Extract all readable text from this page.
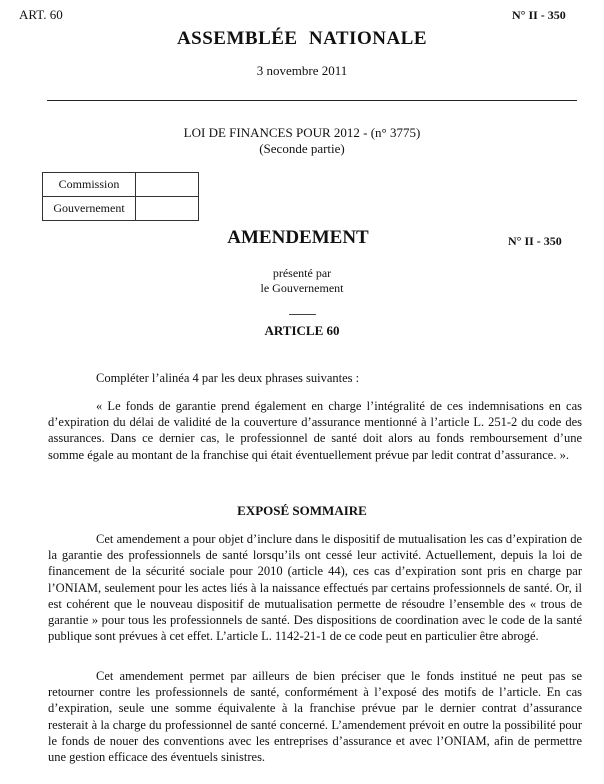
ART. 60	N° II - 350
ASSEMBLÉE NATIONALE
3 novembre 2011
LOI DE FINANCES POUR 2012 - (n° 3775)
(Seconde partie)
Commission	
Gouvernement	
AMENDEMENT	N° II - 350
présenté par
le Gouvernement
----------
ARTICLE 60

Compléter l’alinéa 4 par les deux phrases suivantes :

« Le fonds de garantie prend également en charge l’intégralité de ces indemnisations en cas d’expiration du délai de validité de la couverture d’assurance mentionné à l’article L. 251-2 du code des assurances. Dans ce dernier cas, le professionnel de santé doit alors au fonds remboursement d’une somme égale au montant de la franchise qui était éventuellement prévue par ledit contrat d’assurance. ».

EXPOSÉ SOMMAIRE

Cet amendement a pour objet d’inclure dans le dispositif de mutualisation les cas d’expiration de la garantie des professionnels de santé lorsqu’ils ont cessé leur activité. Actuellement, depuis la loi de financement de la sécurité sociale pour 2010 (article 44), ces cas d’expiration sont pris en charge par l’ONIAM, seulement pour les actes liés à la naissance effectués par certains professionnels de santé. Or, il est cohérent que le nouveau dispositif de mutualisation permette de résoudre l’ensemble des « trous de garantie » pour tous les professionnels de santé. Des dispositions de coordination avec le code de la santé publique sont prévues à cet effet. L’article L. 1142-21-1 de ce code peut en particulier être abrogé.

Cet amendement permet par ailleurs de bien préciser que le fonds institué ne peut pas se retourner contre les professionnels de santé, conformément à l’exposé des motifs de l’article. En cas d’expiration, seule une somme équivalente à la franchise prévue par le dernier contrat d’assurance resterait à la charge du professionnel de santé concerné. L’amendement prévoit en outre la possibilité pour le fonds de nouer des conventions avec les entreprises d’assurance et avec l’ONIAM, afin de permettre une gestion efficace des éventuels sinistres.
